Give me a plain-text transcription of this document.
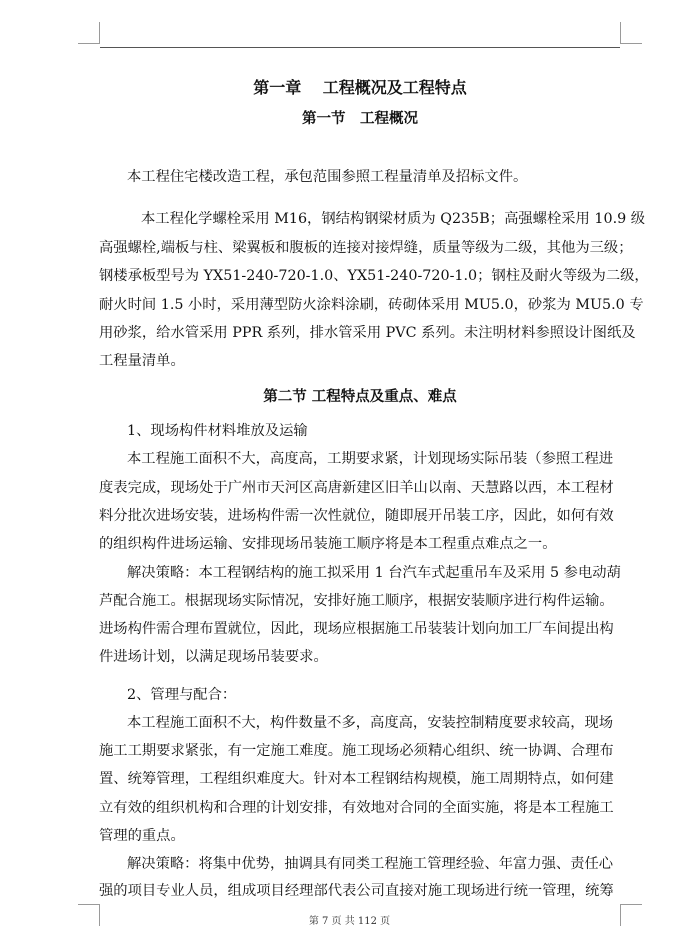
第一章　 工程概况及工程特点
第一节　工程概况
本工程住宅楼改造工程，承包范围参照工程量清单及招标文件。
本工程化学螺栓采用 M16，钢结构钢梁材质为 Q235B；高强螺栓采用 10.9 级
高强螺栓,端板与柱、梁翼板和腹板的连接对接焊缝，质量等级为二级，其他为三级；
钢楼承板型号为 YX51-240-720-1.0、YX51-240-720-1.0；钢柱及耐火等级为二级，
耐火时间 1.5 小时，采用薄型防火涂料涂刷，砖砌体采用 MU5.0，砂浆为 MU5.0 专
用砂浆，给水管采用 PPR 系列，排水管采用 PVC 系列。未注明材料参照设计图纸及
工程量清单。
第二节 工程特点及重点、难点
1、现场构件材料堆放及运输
本工程施工面积不大，高度高，工期要求紧，计划现场实际吊装（参照工程进
度表完成，现场处于广州市天河区高唐新建区旧羊山以南、天慧路以西，本工程材
料分批次进场安装，进场构件需一次性就位，随即展开吊装工序，因此，如何有效
的组织构件进场运输、安排现场吊装施工顺序将是本工程重点难点之一。
解决策略：本工程钢结构的施工拟采用 1 台汽车式起重吊车及采用 5 参电动葫
芦配合施工。根据现场实际情况，安排好施工顺序，根据安装顺序进行构件运输。
进场构件需合理布置就位，因此，现场应根据施工吊装装计划向加工厂车间提出构
件进场计划，以满足现场吊装要求。
2、管理与配合：
本工程施工面积不大，构件数量不多，高度高，安装控制精度要求较高，现场
施工工期要求紧张，有一定施工难度。施工现场必须精心组织、统一协调、合理布
置、统筹管理，工程组织难度大。针对本工程钢结构规模，施工周期特点，如何建
立有效的组织机构和合理的计划安排，有效地对合同的全面实施，将是本工程施工
管理的重点。
解决策略：将集中优势，抽调具有同类工程施工管理经验、年富力强、责任心
强的项目专业人员，组成项目经理部代表公司直接对施工现场进行统一管理，统筹
第 7 页 共 112 页
